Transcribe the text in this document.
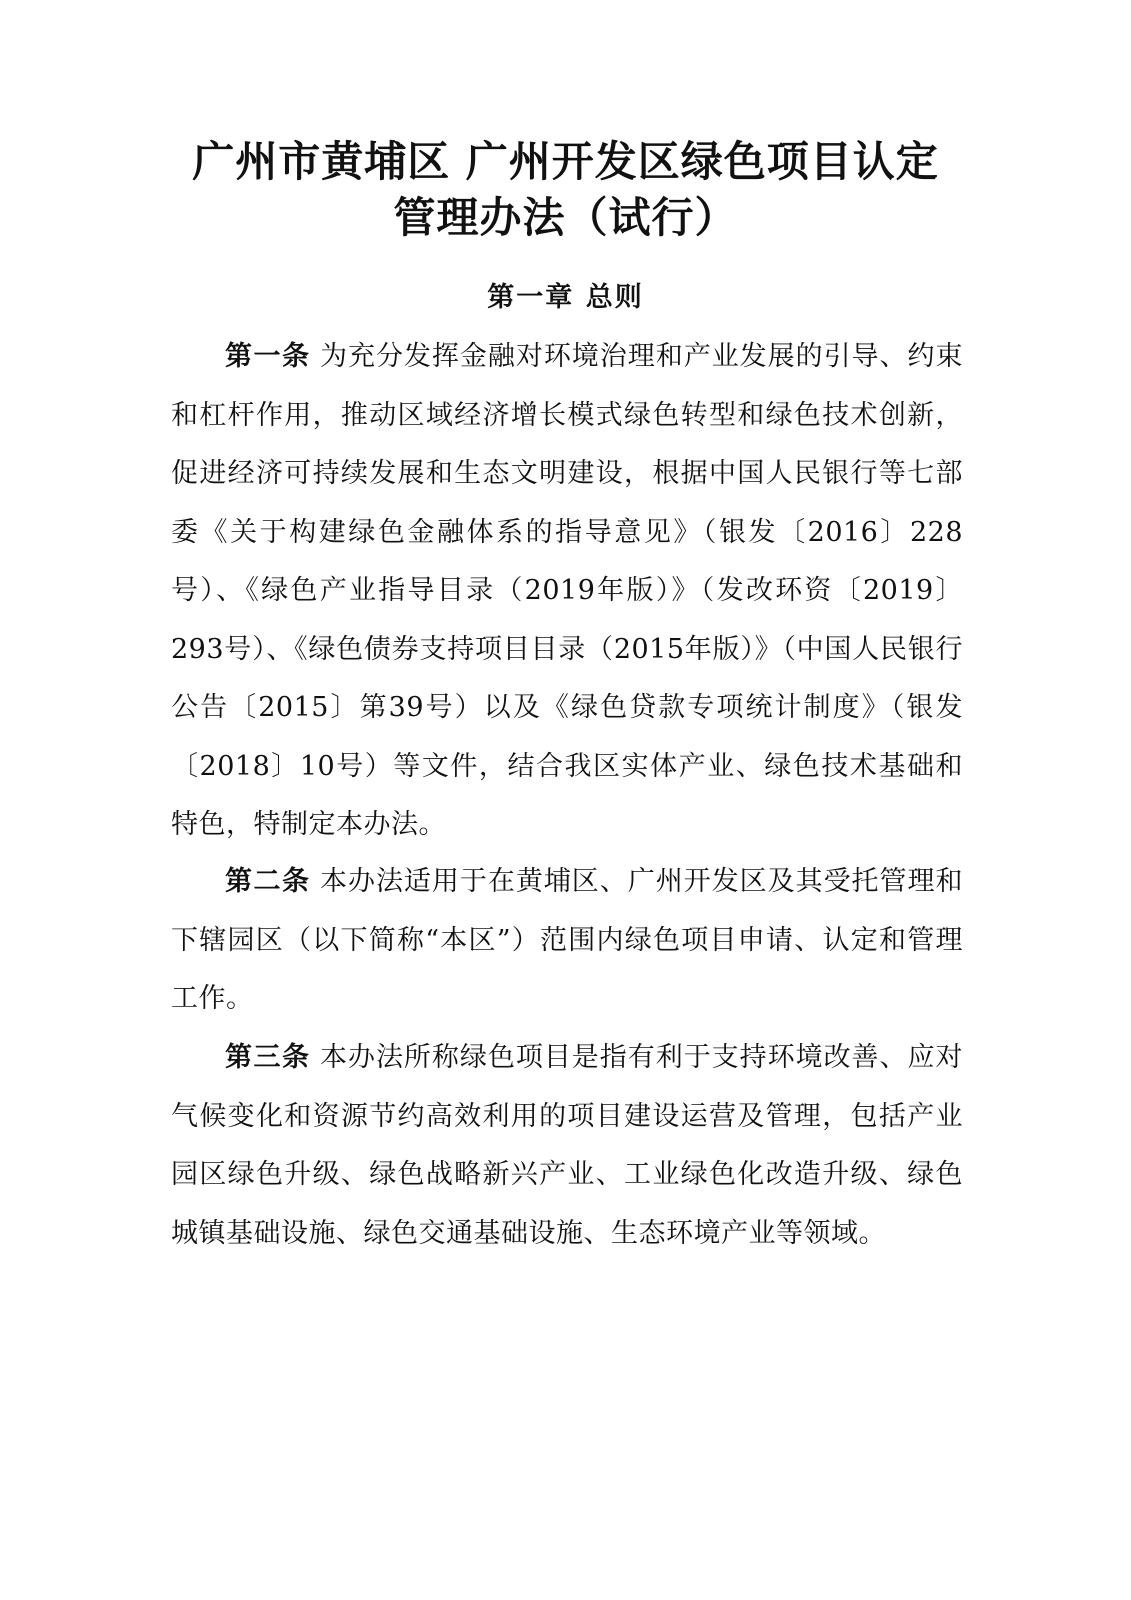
广州市黄埔区 广州开发区绿色项目认定
管理办法（试行）
第一章 总则

第一条 为充分发挥金融对环境治理和产业发展的引导、约束和杠杆作用，推动区域经济增长模式绿色转型和绿色技术创新，促进经济可持续发展和生态文明建设，根据中国人民银行等七部委《关于构建绿色金融体系的指导意见》（银发〔2016〕228号）、《绿色产业指导目录（2019年版）》（发改环资〔2019〕293号）、《绿色债券支持项目目录（2015年版）》（中国人民银行公告〔2015〕第39号）以及《绿色贷款专项统计制度》（银发〔2018〕10号）等文件，结合我区实体产业、绿色技术基础和特色，特制定本办法。

第二条 本办法适用于在黄埔区、广州开发区及其受托管理和下辖园区（以下简称“本区”）范围内绿色项目申请、认定和管理工作。

第三条 本办法所称绿色项目是指有利于支持环境改善、应对气候变化和资源节约高效利用的项目建设运营及管理，包括产业园区绿色升级、绿色战略新兴产业、工业绿色化改造升级、绿色城镇基础设施、绿色交通基础设施、生态环境产业等领域。
